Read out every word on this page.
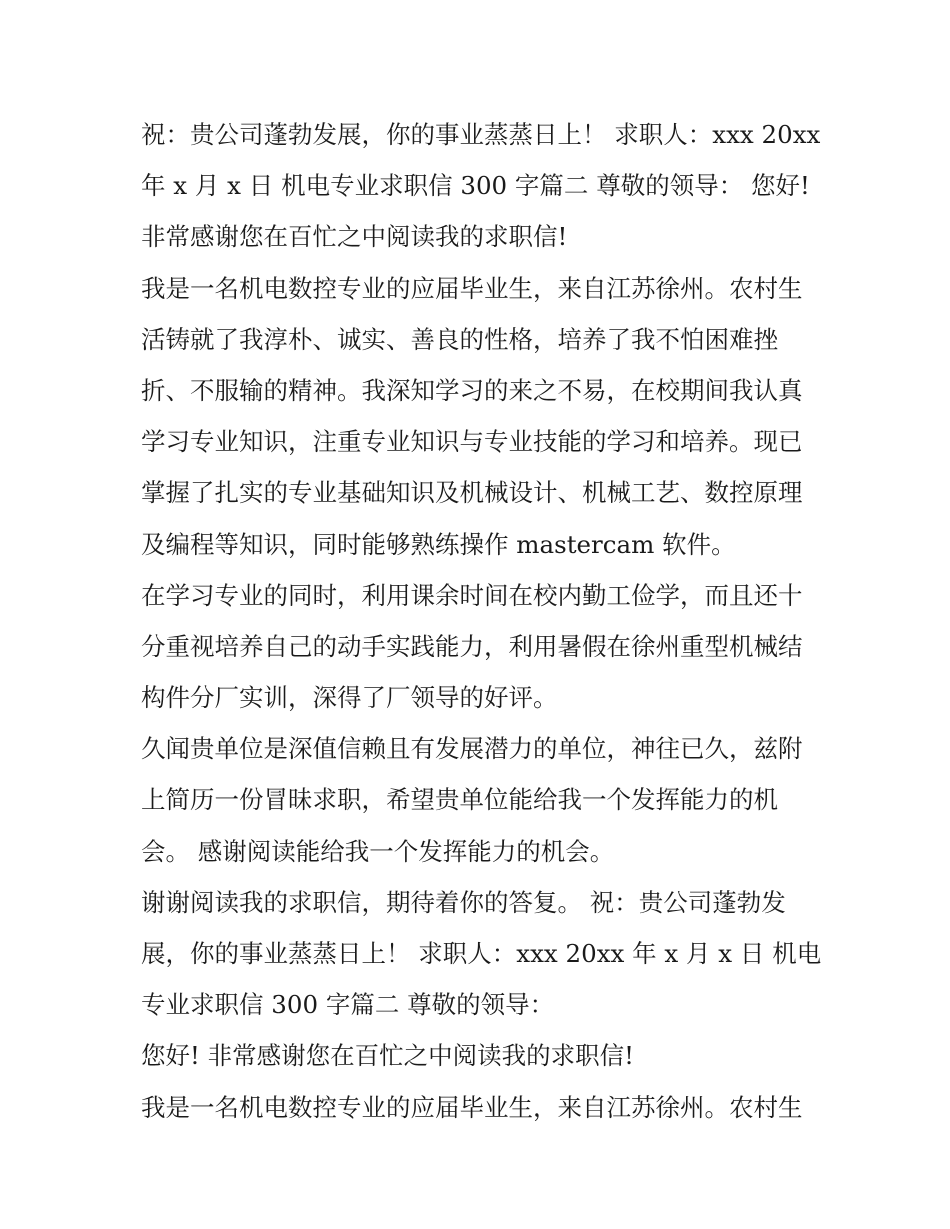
祝：贵公司蓬勃发展，你的事业蒸蒸日上！ 求职人：xxx 20xx
年 x 月 x 日 机电专业求职信 300 字篇二 尊敬的领导： 您好!
非常感谢您在百忙之中阅读我的求职信!
我是一名机电数控专业的应届毕业生，来自江苏徐州。农村生
活铸就了我淳朴、诚实、善良的性格，培养了我不怕困难挫
折、不服输的精神。我深知学习的来之不易，在校期间我认真
学习专业知识，注重专业知识与专业技能的学习和培养。现已
掌握了扎实的专业基础知识及机械设计、机械工艺、数控原理
及编程等知识，同时能够熟练操作 mastercam 软件。
在学习专业的同时，利用课余时间在校内勤工俭学，而且还十
分重视培养自己的动手实践能力，利用暑假在徐州重型机械结
构件分厂实训，深得了厂领导的好评。
久闻贵单位是深值信赖且有发展潜力的单位，神往已久，兹附
上简历一份冒昧求职，希望贵单位能给我一个发挥能力的机
会。 感谢阅读能给我一个发挥能力的机会。
谢谢阅读我的求职信，期待着你的答复。 祝：贵公司蓬勃发
展，你的事业蒸蒸日上！ 求职人：xxx 20xx 年 x 月 x 日 机电
专业求职信 300 字篇二 尊敬的领导：
您好! 非常感谢您在百忙之中阅读我的求职信!
我是一名机电数控专业的应届毕业生，来自江苏徐州。农村生
